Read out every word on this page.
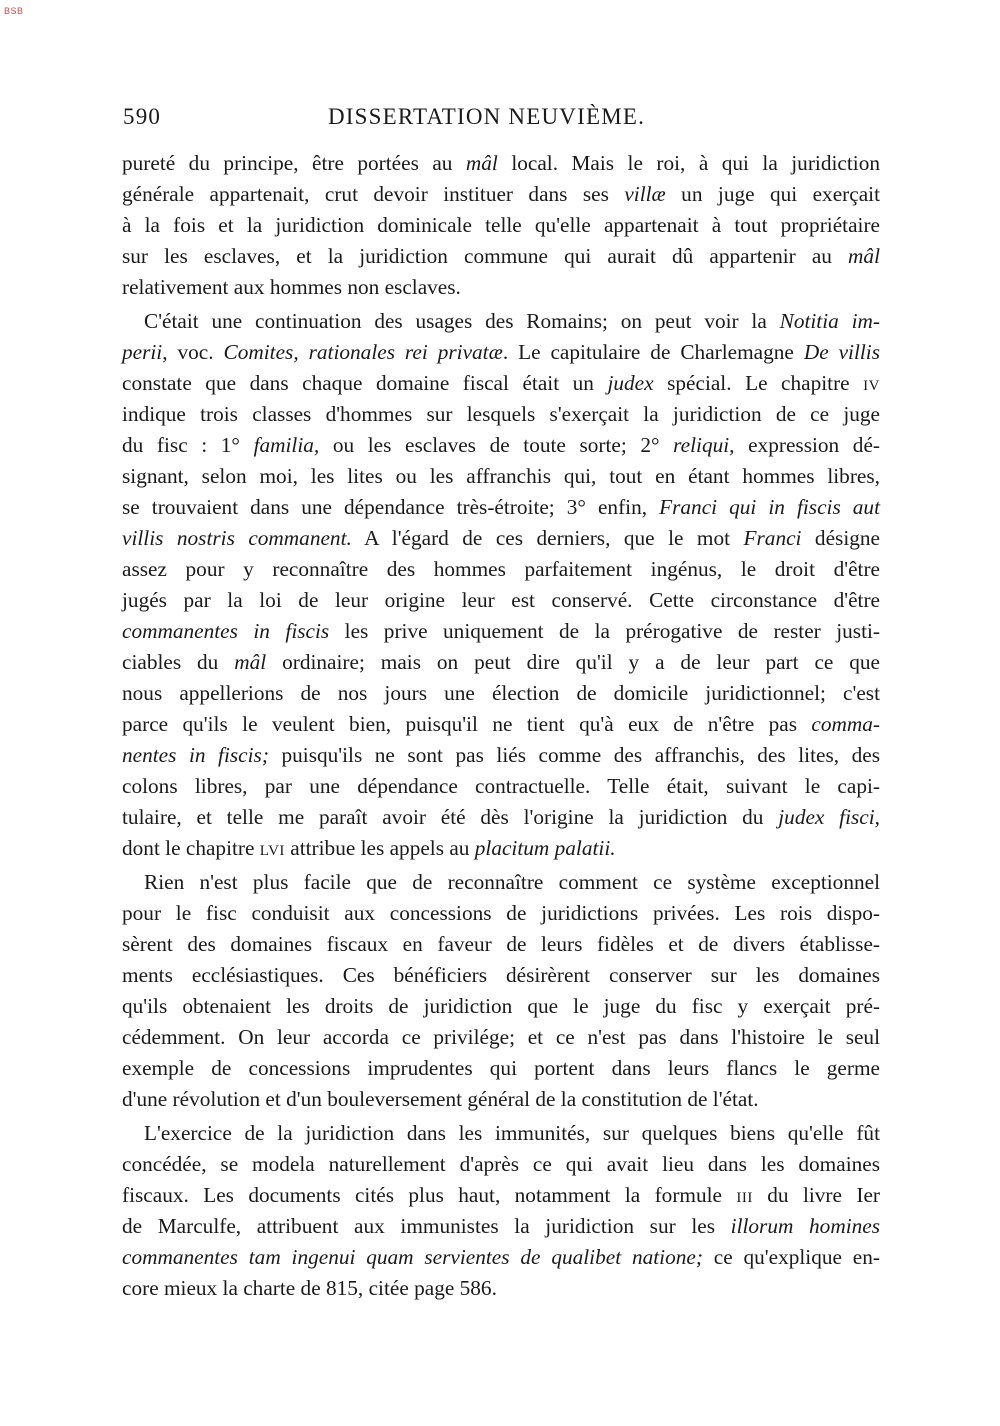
BSB
590	DISSERTATION NEUVIÈME.
pureté du principe, être portées au mâl local. Mais le roi, à qui la juridiction
générale appartenait, crut devoir instituer dans ses villæ un juge qui exerçait
à la fois et la juridiction dominicale telle qu'elle appartenait à tout propriétaire
sur les esclaves, et la juridiction commune qui aurait dû appartenir au mâl
relativement aux hommes non esclaves.
C'était une continuation des usages des Romains; on peut voir la Notitia im-
perii, voc. Comites, rationales rei privatæ. Le capitulaire de Charlemagne De villis
constate que dans chaque domaine fiscal était un judex spécial. Le chapitre IV
indique trois classes d'hommes sur lesquels s'exerçait la juridiction de ce juge
du fisc : 1° familia, ou les esclaves de toute sorte; 2° reliqui, expression dé-
signant, selon moi, les lites ou les affranchis qui, tout en étant hommes libres,
se trouvaient dans une dépendance très-étroite; 3° enfin, Franci qui in fiscis aut
villis nostris commanent. A l'égard de ces derniers, que le mot Franci désigne
assez pour y reconnaître des hommes parfaitement ingénus, le droit d'être
jugés par la loi de leur origine leur est conservé. Cette circonstance d'être
commanentes in fiscis les prive uniquement de la prérogative de rester justi-
ciables du mâl ordinaire; mais on peut dire qu'il y a de leur part ce que
nous appellerions de nos jours une élection de domicile juridictionnel; c'est
parce qu'ils le veulent bien, puisqu'il ne tient qu'à eux de n'être pas comma-
nentes in fiscis; puisqu'ils ne sont pas liés comme des affranchis, des lites, des
colons libres, par une dépendance contractuelle. Telle était, suivant le capi-
tulaire, et telle me paraît avoir été dès l'origine la juridiction du judex fisci,
dont le chapitre LVI attribue les appels au placitum palatii.
Rien n'est plus facile que de reconnaître comment ce système exceptionnel
pour le fisc conduisit aux concessions de juridictions privées. Les rois dispo-
sèrent des domaines fiscaux en faveur de leurs fidèles et de divers établisse-
ments ecclésiastiques. Ces bénéficiers désirèrent conserver sur les domaines
qu'ils obtenaient les droits de juridiction que le juge du fisc y exerçait pré-
cédemment. On leur accorda ce privilége; et ce n'est pas dans l'histoire le seul
exemple de concessions imprudentes qui portent dans leurs flancs le germe
d'une révolution et d'un bouleversement général de la constitution de l'état.
L'exercice de la juridiction dans les immunités, sur quelques biens qu'elle fût
concédée, se modela naturellement d'après ce qui avait lieu dans les domaines
fiscaux. Les documents cités plus haut, notamment la formule III du livre Ier
de Marculfe, attribuent aux immunistes la juridiction sur les illorum homines
commanentes tam ingenui quam servientes de qualibet natione; ce qu'explique en-
core mieux la charte de 815, citée page 586.
